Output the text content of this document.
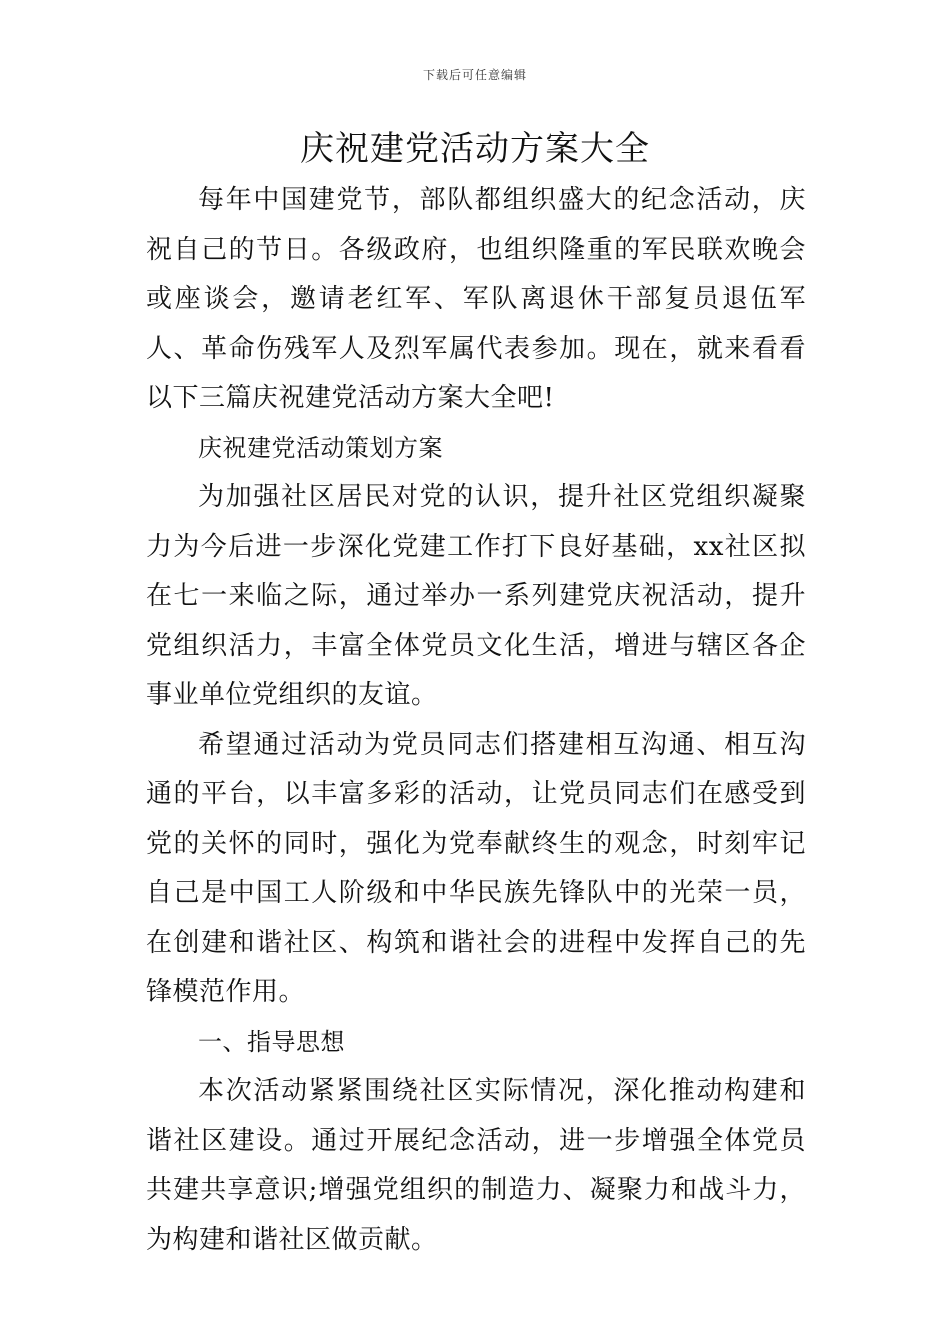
下载后可任意编辑
庆祝建党活动方案大全

每年中国建党节，部队都组织盛大的纪念活动，庆祝自己的节日。各级政府，也组织隆重的军民联欢晚会或座谈会，邀请老红军、军队离退休干部复员退伍军人、革命伤残军人及烈军属代表参加。现在，就来看看以下三篇庆祝建党活动方案大全吧!

庆祝建党活动策划方案

为加强社区居民对党的认识，提升社区党组织凝聚力为今后进一步深化党建工作打下良好基础，xx社区拟在七一来临之际，通过举办一系列建党庆祝活动，提升党组织活力，丰富全体党员文化生活，增进与辖区各企事业单位党组织的友谊。

希望通过活动为党员同志们搭建相互沟通、相互沟通的平台，以丰富多彩的活动，让党员同志们在感受到党的关怀的同时，强化为党奉献终生的观念，时刻牢记自己是中国工人阶级和中华民族先锋队中的光荣一员，在创建和谐社区、构筑和谐社会的进程中发挥自己的先锋模范作用。

一、指导思想

本次活动紧紧围绕社区实际情况，深化推动构建和谐社区建设。通过开展纪念活动，进一步增强全体党员共建共享意识;增强党组织的制造力、凝聚力和战斗力，为构建和谐社区做贡献。
